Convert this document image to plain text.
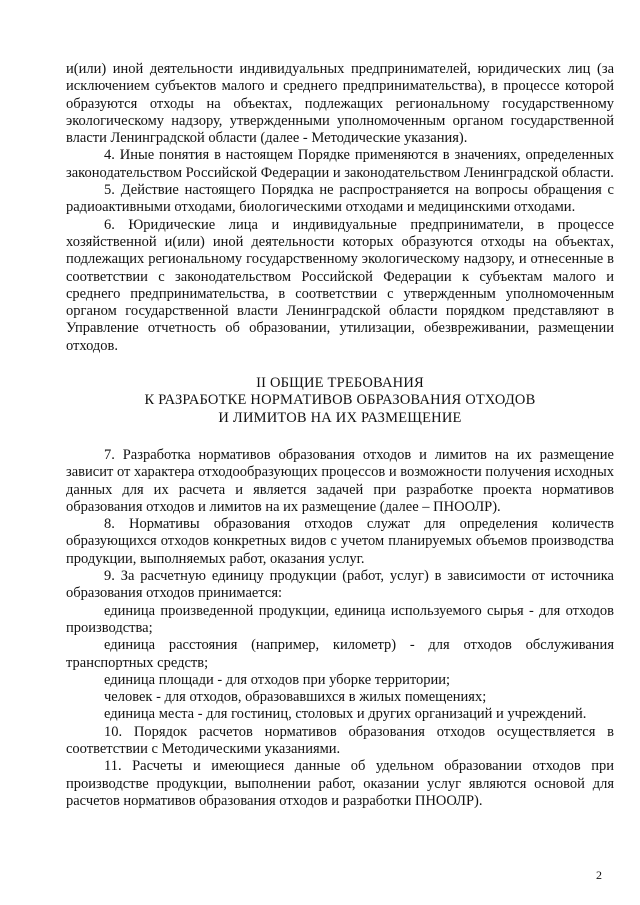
и(или) иной деятельности индивидуальных предпринимателей, юридических лиц (за исключением субъектов малого и среднего предпринимательства), в процессе которой образуются отходы на объектах, подлежащих региональному государственному экологическому надзору, утвержденными уполномоченным органом государственной власти Ленинградской области (далее - Методические указания).

4. Иные понятия в настоящем Порядке применяются в значениях, определенных законодательством Российской Федерации и законодательством Ленинградской области.

5. Действие настоящего Порядка не распространяется на вопросы обращения с радиоактивными отходами, биологическими отходами и медицинскими отходами.

6. Юридические лица и индивидуальные предприниматели, в процессе хозяйственной и(или) иной деятельности которых образуются отходы на объектах, подлежащих региональному государственному экологическому надзору, и отнесенные в соответствии с законодательством Российской Федерации к субъектам малого и среднего предпринимательства, в соответствии с утвержденным уполномоченным органом государственной власти Ленинградской области порядком представляют в Управление отчетность об образовании, утилизации, обезвреживании, размещении отходов.

II ОБЩИЕ ТРЕБОВАНИЯ
К РАЗРАБОТКЕ НОРМАТИВОВ ОБРАЗОВАНИЯ ОТХОДОВ
И ЛИМИТОВ НА ИХ РАЗМЕЩЕНИЕ

7. Разработка нормативов образования отходов и лимитов на их размещение зависит от характера отходообразующих процессов и возможности получения исходных данных для их расчета и является задачей при разработке проекта нормативов образования отходов и лимитов на их размещение (далее – ПНООЛР).

8. Нормативы образования отходов служат для определения количеств образующихся отходов конкретных видов с учетом планируемых объемов производства продукции, выполняемых работ, оказания услуг.

9. За расчетную единицу продукции (работ, услуг) в зависимости от источника образования отходов принимается:

единица произведенной продукции, единица используемого сырья - для отходов производства;

единица расстояния (например, километр) - для отходов обслуживания транспортных средств;

единица площади - для отходов при уборке территории;

человек - для отходов, образовавшихся в жилых помещениях;

единица места - для гостиниц, столовых и других организаций и учреждений.

10. Порядок расчетов нормативов образования отходов осуществляется в соответствии с Методическими указаниями.

11. Расчеты и имеющиеся данные об удельном образовании отходов при производстве продукции, выполнении работ, оказании услуг являются основой для расчетов нормативов образования отходов и разработки ПНООЛР).

2
